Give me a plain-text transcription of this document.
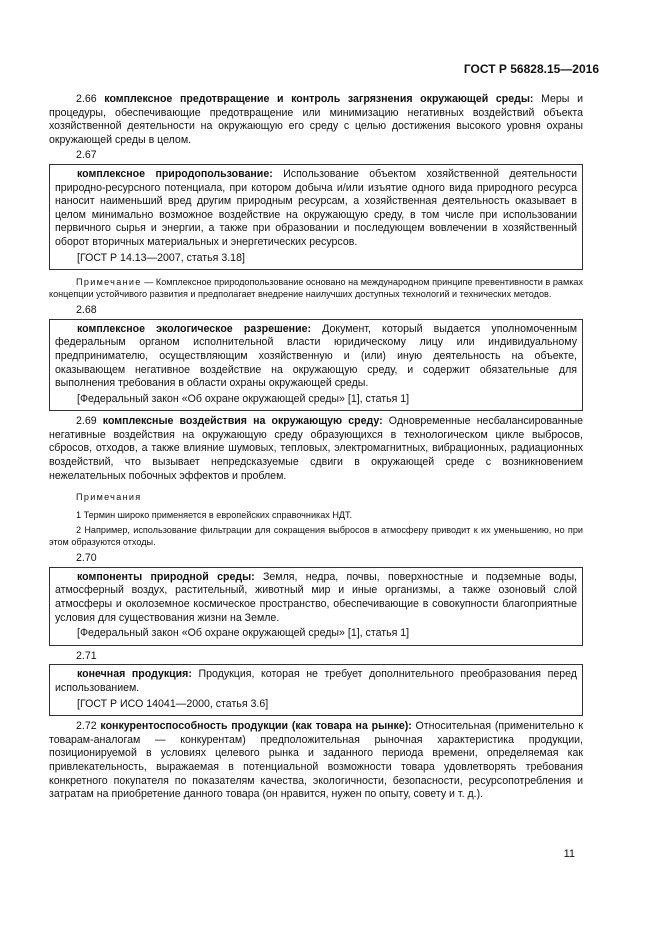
ГОСТ Р 56828.15—2016

2.66 комплексное предотвращение и контроль загрязнения окружающей среды: Меры и процедуры, обеспечивающие предотвращение или минимизацию негативных воздействий объекта хозяйственной деятельности на окружающую его среду с целью достижения высокого уровня охраны окружающей среды в целом.

2.67

комплексное природопользование: Использование объектом хозяйственной деятельности природно-ресурсного потенциала, при котором добыча и/или изъятие одного вида природного ресурса наносит наименьший вред другим природным ресурсам, а хозяйственная деятельность оказывает в целом минимально возможное воздействие на окружающую среду, в том числе при использовании первичного сырья и энергии, а также при образовании и последующем вовлечении в хозяйственный оборот вторичных материальных и энергетических ресурсов.

[ГОСТ Р 14.13—2007, статья 3.18]

Примечание — Комплексное природопользование основано на международном принципе превентивности в рамках концепции устойчивого развития и предполагает внедрение наилучших доступных технологий и технических методов.

2.68

комплексное экологическое разрешение: Документ, который выдается уполномоченным федеральным органом исполнительной власти юридическому лицу или индивидуальному предпринимателю, осуществляющим хозяйственную и (или) иную деятельность на объекте, оказывающем негативное воздействие на окружающую среду, и содержит обязательные для выполнения требования в области охраны окружающей среды.

[Федеральный закон «Об охране окружающей среды» [1], статья 1]

2.69 комплексные воздействия на окружающую среду: Одновременные несбалансированные негативные воздействия на окружающую среду образующихся в технологическом цикле выбросов, сбросов, отходов, а также влияние шумовых, тепловых, электромагнитных, вибрационных, радиационных воздействий, что вызывает непредсказуемые сдвиги в окружающей среде с возникновением нежелательных побочных эффектов и проблем.

Примечания

1 Термин широко применяется в европейских справочниках НДТ.

2 Например, использование фильтрации для сокращения выбросов в атмосферу приводит к их уменьшению, но при этом образуются отходы.

2.70

компоненты природной среды: Земля, недра, почвы, поверхностные и подземные воды, атмосферный воздух, растительный, животный мир и иные организмы, а также озоновый слой атмосферы и околоземное космическое пространство, обеспечивающие в совокупности благоприятные условия для существования жизни на Земле.

[Федеральный закон «Об охране окружающей среды» [1], статья 1]

2.71

конечная продукция: Продукция, которая не требует дополнительного преобразования перед использованием.

[ГОСТ Р ИСО 14041—2000, статья 3.6]

2.72 конкурентоспособность продукции (как товара на рынке): Относительная (применительно к товарам-аналогам — конкурентам) предположительная рыночная характеристика продукции, позиционируемой в условиях целевого рынка и заданного периода времени, определяемая как привлекательность, выражаемая в потенциальной возможности товара удовлетворять требования конкретного покупателя по показателям качества, экологичности, безопасности, ресурсопотребления и затратам на приобретение данного товара (он нравится, нужен по опыту, совету и т. д.).

11
